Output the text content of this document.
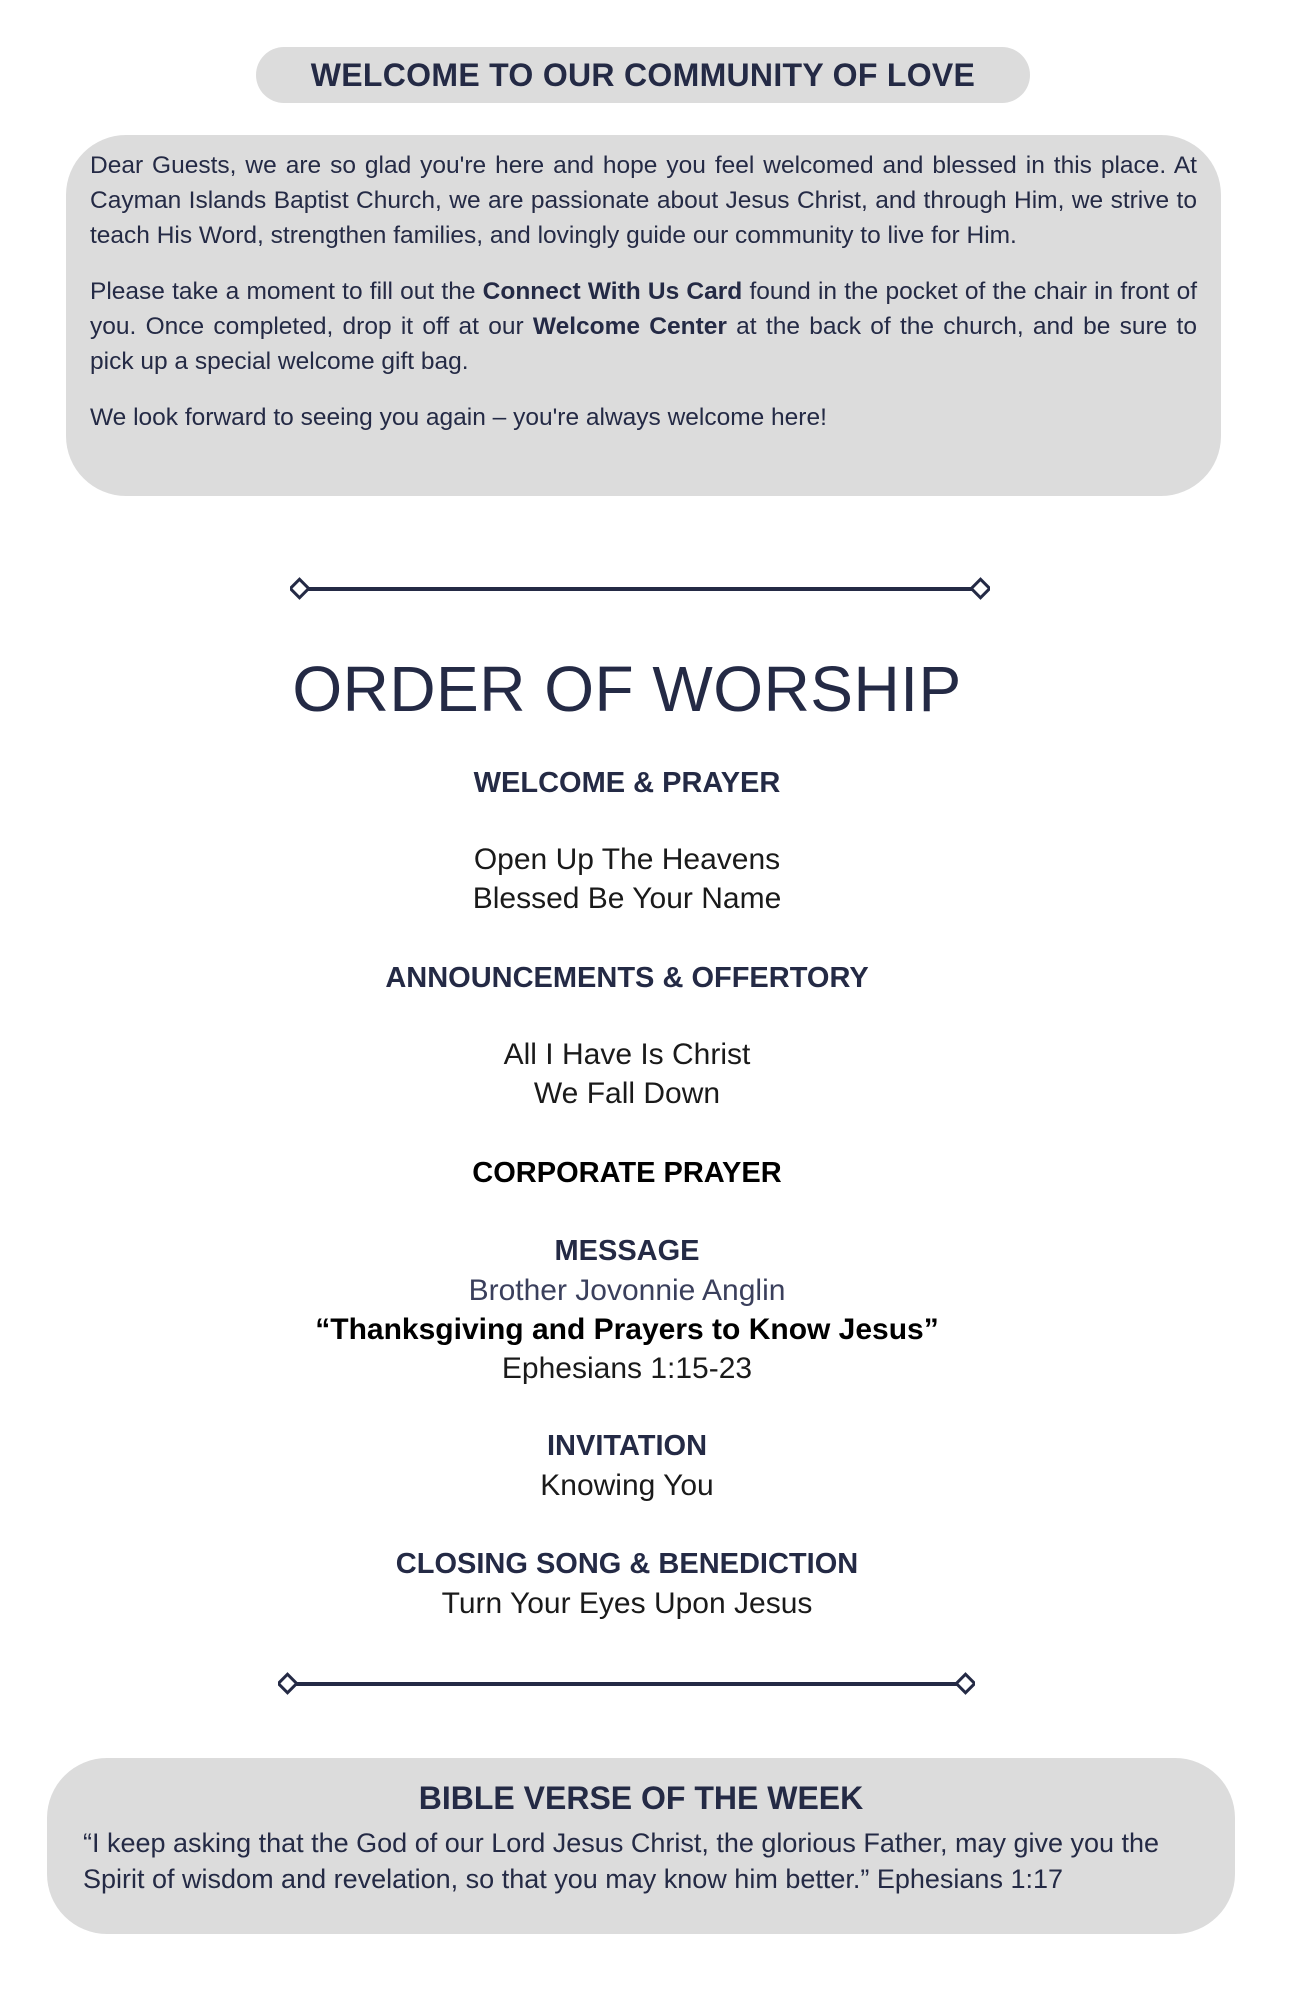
WELCOME TO OUR COMMUNITY OF LOVE

Dear Guests, we are so glad you're here and hope you feel welcomed and blessed in this place. At Cayman Islands Baptist Church, we are passionate about Jesus Christ, and through Him, we strive to teach His Word, strengthen families, and lovingly guide our community to live for Him.

Please take a moment to fill out the Connect With Us Card found in the pocket of the chair in front of you. Once completed, drop it off at our Welcome Center at the back of the church, and be sure to pick up a special welcome gift bag.

We look forward to seeing you again – you're always welcome here!

ORDER OF WORSHIP
WELCOME & PRAYER
Open Up The Heavens
Blessed Be Your Name
ANNOUNCEMENTS & OFFERTORY
All I Have Is Christ
We Fall Down
CORPORATE PRAYER
MESSAGE
Brother Jovonnie Anglin
“Thanksgiving and Prayers to Know Jesus”
Ephesians 1:15-23
INVITATION
Knowing You
CLOSING SONG & BENEDICTION
Turn Your Eyes Upon Jesus
BIBLE VERSE OF THE WEEK
“I keep asking that the God of our Lord Jesus Christ, the glorious Father, may give you the Spirit of wisdom and revelation, so that you may know him better.” Ephesians 1:17
